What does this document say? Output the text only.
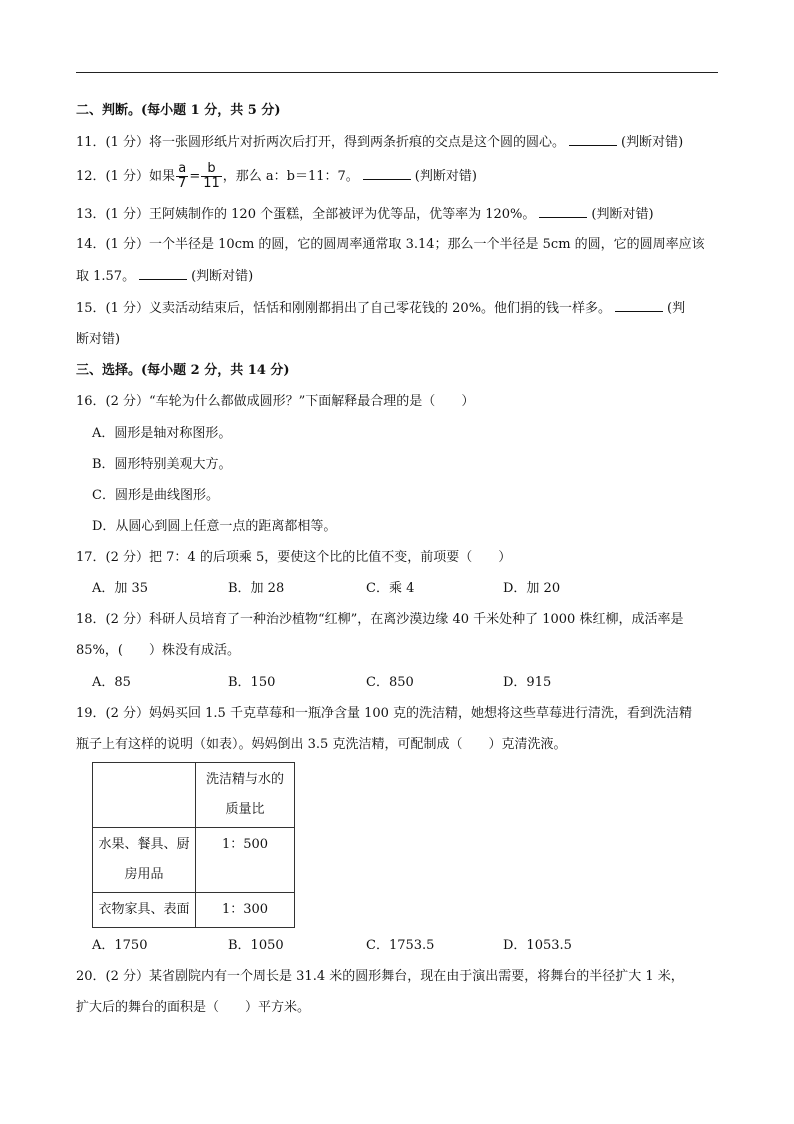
二、判断。(每小题 1 分，共 5 分)
11．(1 分）将一张圆形纸片对折两次后打开，得到两条折痕的交点是这个圆的圆心。	(判断对错)
12．(1 分）如果 $\frac{a}{7} = \frac{b}{11}$ ，那么 a：b＝11：7。	(判断对错)
13．(1 分）王阿姨制作的 120 个蛋糕，全部被评为优等品，优等率为 120%。	(判断对错)
14．(1 分）一个半径是 10cm 的圆，它的圆周率通常取 3.14；那么一个半径是 5cm 的圆，它的圆周率应该
取 1.57。	(判断对错)
15．(1 分）义卖活动结束后，恬恬和刚刚都捐出了自己零花钱的 20%。他们捐的钱一样多。	(判
断对错)
三、选择。(每小题 2 分，共 14 分)
16．(2 分）“车轮为什么都做成圆形？”下面解释最合理的是（ ）
A．圆形是轴对称图形。
B．圆形特别美观大方。
C．圆形是曲线图形。
D．从圆心到圆上任意一点的距离都相等。
17．(2 分）把 7：4 的后项乘 5，要使这个比的比值不变，前项要（ ）
A．加 35	B．加 28	C．乘 4	D．加 20
18．(2 分）科研人员培育了一种治沙植物“红柳”，在离沙漠边缘 40 千米处种了 1000 株红柳，成活率是
85%，( ）株没有成活。
A．85	B．150	C．850	D．915
19．(2 分）妈妈买回 1.5 千克草莓和一瓶净含量 100 克的洗洁精，她想将这些草莓进行清洗，看到洗洁精
瓶子上有这样的说明（如表）。妈妈倒出 3.5 克洗洁精，可配制成（ ）克清洗液。

	洗洁精与水的
质量比

水果、餐具、厨
房用品	1：500
衣物家具、表面	1：300
A．1750	B．1050	C．1753.5	D．1053.5
20．(2 分）某省剧院内有一个周长是 31.4 米的圆形舞台，现在由于演出需要，将舞台的半径扩大 1 米，
扩大后的舞台的面积是（ ）平方米。
